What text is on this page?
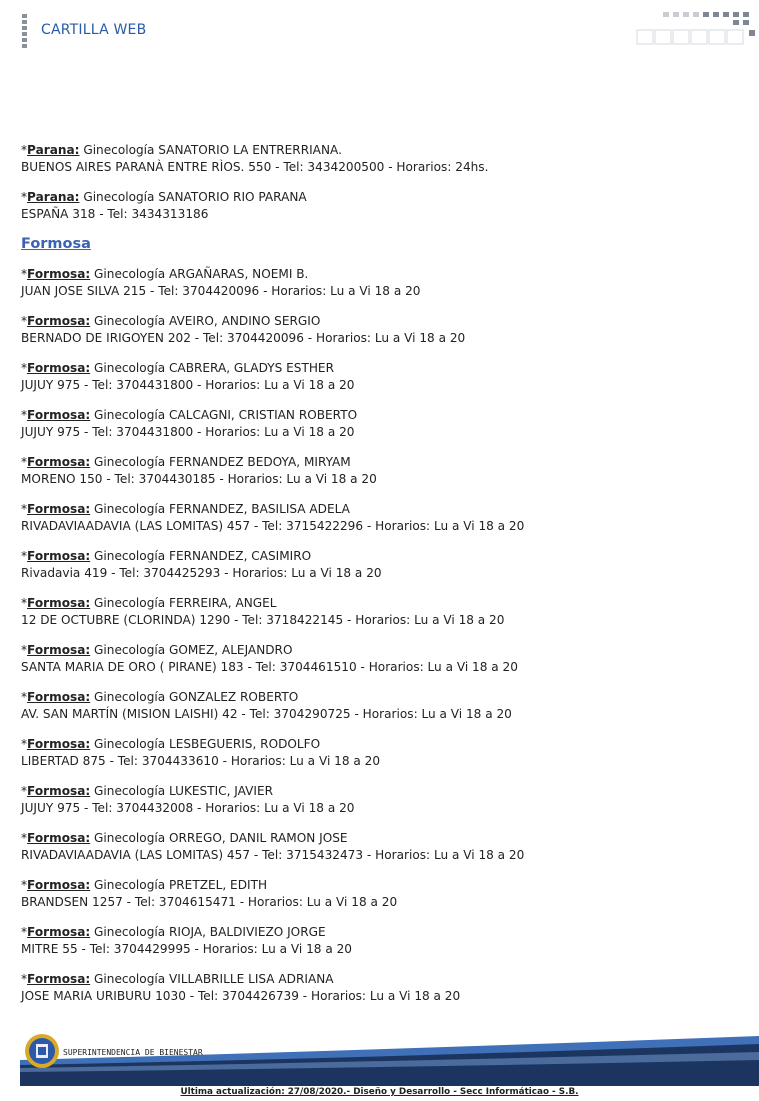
CARTILLA WEB
*Parana: Ginecología SANATORIO LA ENTRERRIANA.
BUENOS AIRES PARANÀ ENTRE RÌOS. 550 - Tel: 3434200500 - Horarios: 24hs.
*Parana: Ginecología SANATORIO RIO PARANA
ESPAÑA 318 - Tel: 3434313186
Formosa
*Formosa: Ginecología ARGAÑARAS, NOEMI B.
JUAN JOSE SILVA 215 - Tel: 3704420096 - Horarios: Lu a Vi 18 a 20
*Formosa: Ginecología AVEIRO, ANDINO SERGIO
BERNADO DE IRIGOYEN 202 - Tel: 3704420096 - Horarios: Lu a Vi 18 a 20
*Formosa: Ginecología CABRERA, GLADYS ESTHER
JUJUY 975 - Tel: 3704431800 - Horarios: Lu a Vi 18 a 20
*Formosa: Ginecología CALCAGNI, CRISTIAN ROBERTO
JUJUY 975 - Tel: 3704431800 - Horarios: Lu a Vi 18 a 20
*Formosa: Ginecología FERNANDEZ BEDOYA, MIRYAM
MORENO 150 - Tel: 3704430185 - Horarios: Lu a Vi 18 a 20
*Formosa: Ginecología FERNANDEZ, BASILISA ADELA
RIVADAVIAADAVIA (LAS LOMITAS) 457 - Tel: 3715422296 - Horarios: Lu a Vi 18 a 20
*Formosa: Ginecología FERNANDEZ, CASIMIRO
Rivadavia 419 - Tel: 3704425293 - Horarios: Lu a Vi 18 a 20
*Formosa: Ginecología FERREIRA, ANGEL
12 DE OCTUBRE (CLORINDA) 1290 - Tel: 3718422145 - Horarios: Lu a Vi 18 a 20
*Formosa: Ginecología GOMEZ, ALEJANDRO
SANTA MARIA DE ORO ( PIRANE) 183 - Tel: 3704461510 - Horarios: Lu a Vi 18 a 20
*Formosa: Ginecología GONZALEZ ROBERTO
AV. SAN MARTÍN (MISION LAISHI) 42 - Tel: 3704290725 - Horarios: Lu a Vi 18 a 20
*Formosa: Ginecología LESBEGUERIS, RODOLFO
LIBERTAD 875 - Tel: 3704433610 - Horarios: Lu a Vi 18 a 20
*Formosa: Ginecología LUKESTIC, JAVIER
JUJUY 975 - Tel: 3704432008 - Horarios: Lu a Vi 18 a 20
*Formosa: Ginecología ORREGO, DANIL RAMON JOSE
RIVADAVIAADAVIA (LAS LOMITAS) 457 - Tel: 3715432473 - Horarios: Lu a Vi 18 a 20
*Formosa: Ginecología PRETZEL, EDITH
BRANDSEN 1257 - Tel: 3704615471 - Horarios: Lu a Vi 18 a 20
*Formosa: Ginecología RIOJA, BALDIVIEZO JORGE
MITRE 55 - Tel: 3704429995 - Horarios: Lu a Vi 18 a 20
*Formosa: Ginecología VILLABRILLE LISA ADRIANA
JOSE MARIA URIBURU 1030 - Tel: 3704426739 - Horarios: Lu a Vi 18 a 20
SUPERINTENDENCIA DE BIENESTAR
Ultima actualización: 27/08/2020.- Diseño y Desarrollo - Secc Informáticao - S.B.
